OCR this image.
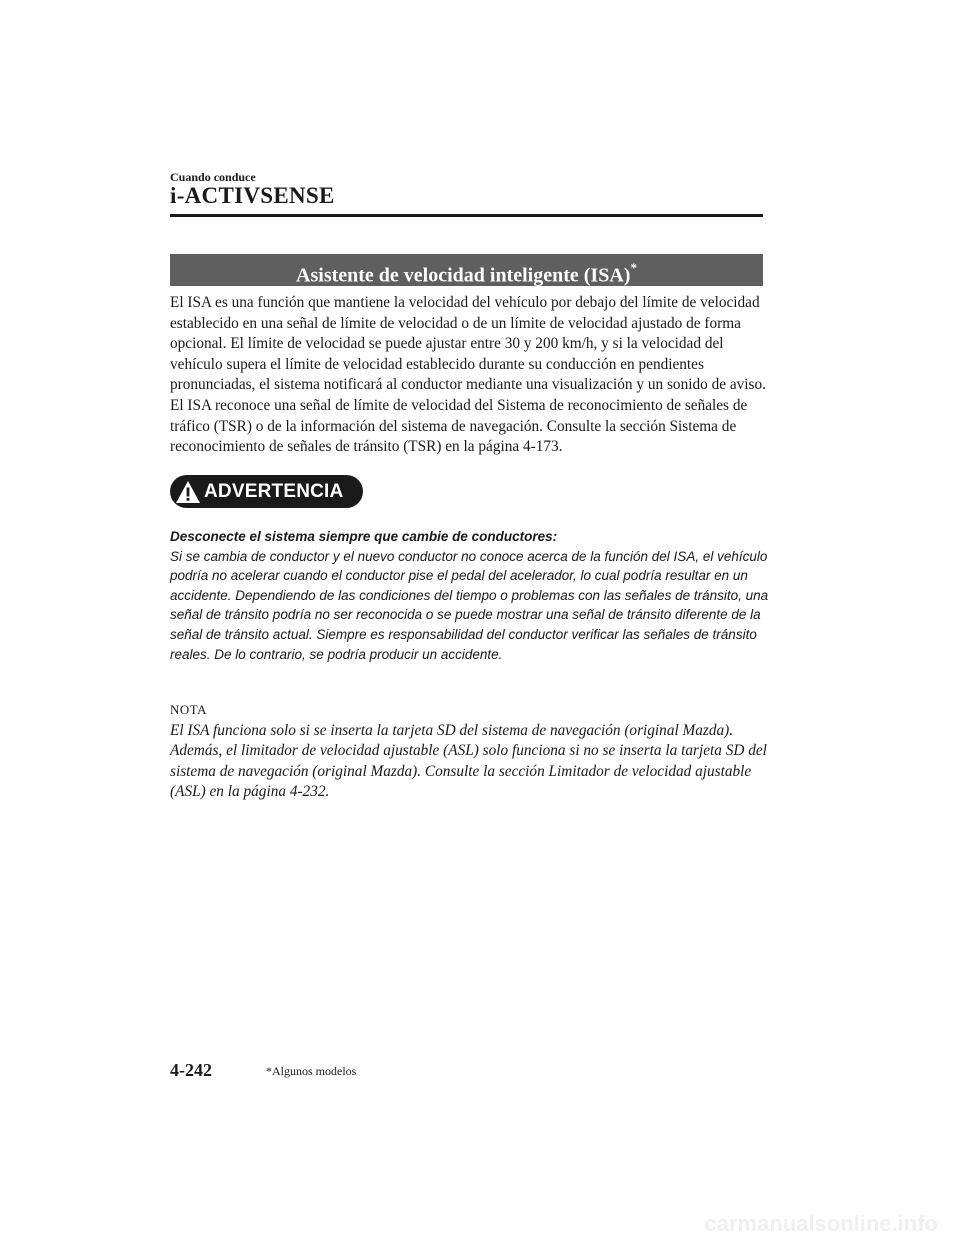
Cuando conduce
i-ACTIVSENSE
Asistente de velocidad inteligente (ISA)*

El ISA es una función que mantiene la velocidad del vehículo por debajo del límite de velocidad establecido en una señal de límite de velocidad o de un límite de velocidad ajustado de forma opcional. El límite de velocidad se puede ajustar entre 30 y 200 km/h, y si la velocidad del vehículo supera el límite de velocidad establecido durante su conducción en pendientes pronunciadas, el sistema notificará al conductor mediante una visualización y un sonido de aviso.

El ISA reconoce una señal de límite de velocidad del Sistema de reconocimiento de señales de tráfico (TSR) o de la información del sistema de navegación. Consulte la sección Sistema de reconocimiento de señales de tránsito (TSR) en la página 4-173.

ADVERTENCIA

Desconecte el sistema siempre que cambie de conductores:

Si se cambia de conductor y el nuevo conductor no conoce acerca de la función del ISA, el vehículo podría no acelerar cuando el conductor pise el pedal del acelerador, lo cual podría resultar en un accidente. Dependiendo de las condiciones del tiempo o problemas con las señales de tránsito, una señal de tránsito podría no ser reconocida o se puede mostrar una señal de tránsito diferente de la señal de tránsito actual. Siempre es responsabilidad del conductor verificar las señales de tránsito reales. De lo contrario, se podría producir un accidente.

NOTA

El ISA funciona solo si se inserta la tarjeta SD del sistema de navegación (original Mazda). Además, el limitador de velocidad ajustable (ASL) solo funciona si no se inserta la tarjeta SD del sistema de navegación (original Mazda). Consulte la sección Limitador de velocidad ajustable (ASL) en la página 4-232.

4-242	*Algunos modelos
carmanualsonline.info
